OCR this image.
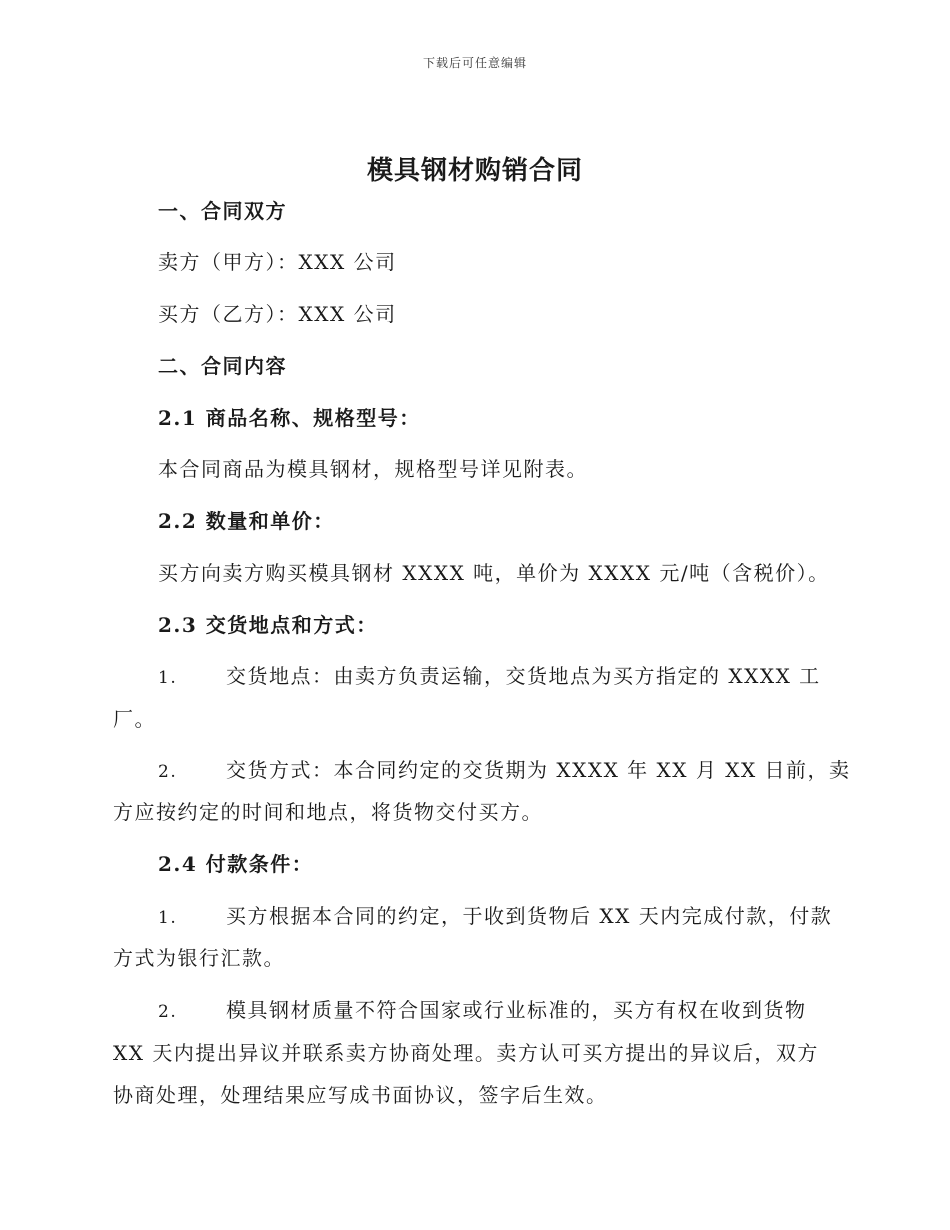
下载后可任意编辑
模具钢材购销合同
一、合同双方
卖方（甲方）：XXX 公司
买方（乙方）：XXX 公司
二、合同内容
2.1 商品名称、规格型号：
本合同商品为模具钢材，规格型号详见附表。
2.2 数量和单价：
买方向卖方购买模具钢材 XXXX 吨，单价为 XXXX 元/吨（含税价）。
2.3 交货地点和方式：
1. 交货地点：由卖方负责运输，交货地点为买方指定的 XXXX 工
厂。
2. 交货方式：本合同约定的交货期为 XXXX 年 XX 月 XX 日前，卖
方应按约定的时间和地点，将货物交付买方。
2.4 付款条件：
1. 买方根据本合同的约定，于收到货物后 XX 天内完成付款，付款
方式为银行汇款。
2. 模具钢材质量不符合国家或行业标准的，买方有权在收到货物
XX 天内提出异议并联系卖方协商处理。卖方认可买方提出的异议后，双方
协商处理，处理结果应写成书面协议，签字后生效。
